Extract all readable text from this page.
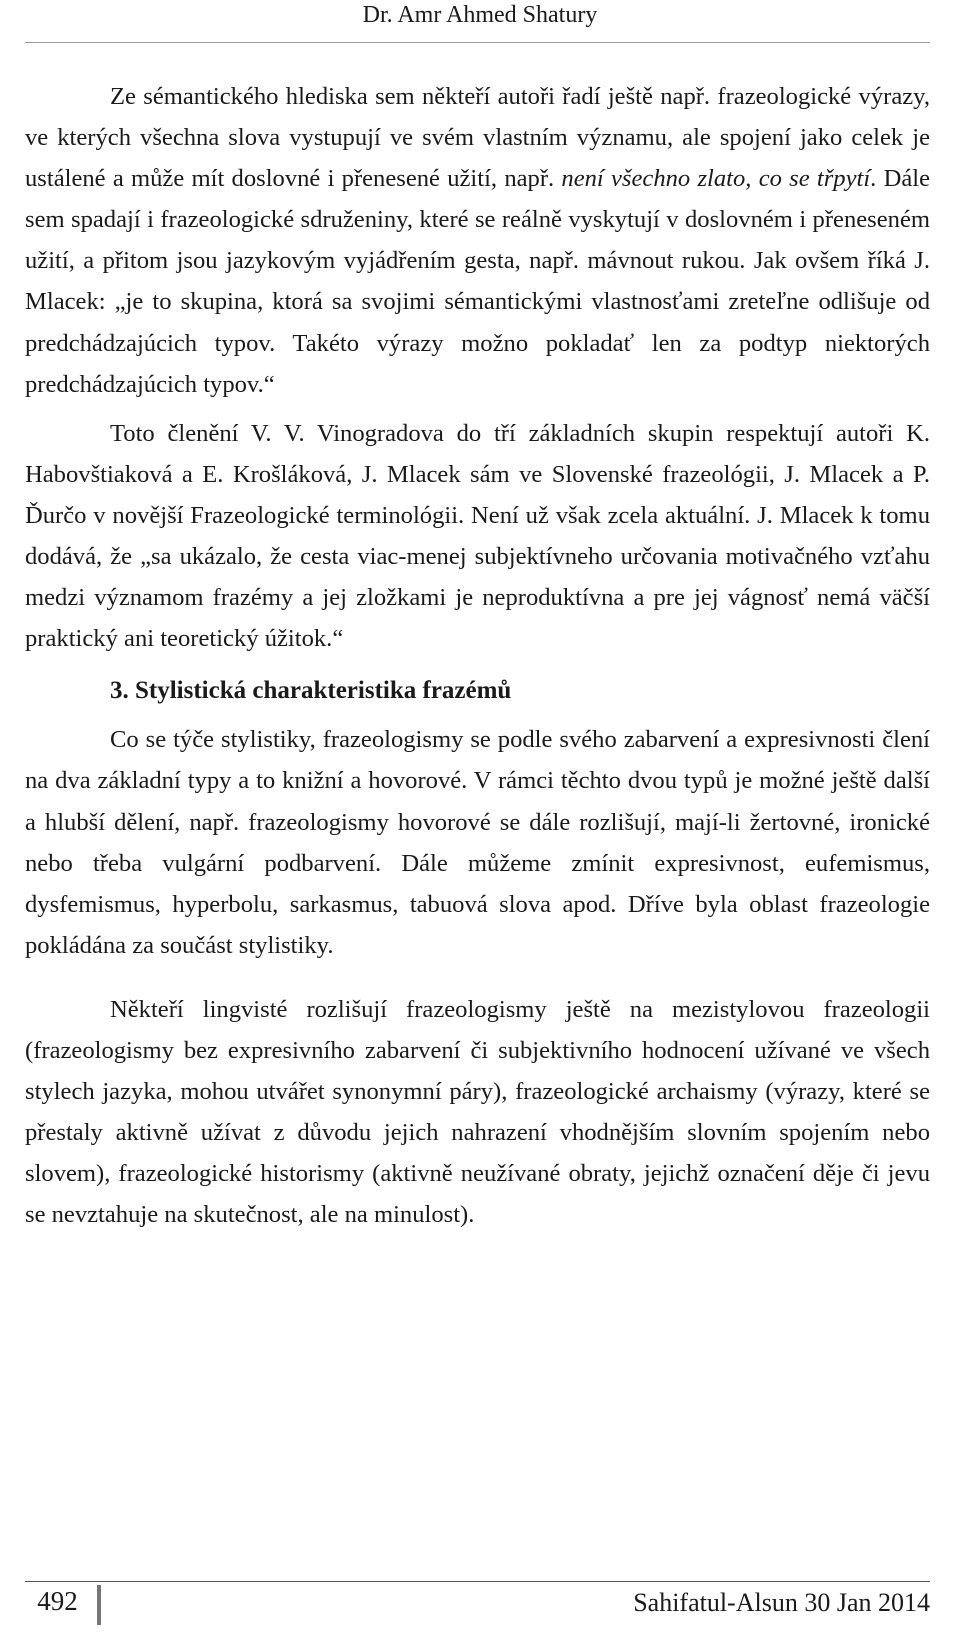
Dr. Amr Ahmed Shatury

Ze sémantického hlediska sem někteří autoři řadí ještě např. frazeologické výrazy, ve kterých všechna slova vystupují ve svém vlastním významu, ale spojení jako celek je ustálené a může mít doslovné i přenesené užití, např. není všechno zlato, co se třpytí. Dále sem spadají i frazeologické sdruženiny, které se reálně vyskytují v doslovném i přeneseném užití, a přitom jsou jazykovým vyjádřením gesta, např. mávnout rukou. Jak ovšem říká J. Mlacek: „je to skupina, ktorá sa svojimi sémantickými vlastnosťami zreteľne odlišuje od predchádzajúcich typov. Takéto výrazy možno pokladať len za podtyp niektorých predchádzajúcich typov.“

Toto členění V. V. Vinogradova do tří základních skupin respektují autoři K. Habovštiaková a E. Krošláková, J. Mlacek sám ve Slovenské frazeológii, J. Mlacek a P. Ďurčo v novější Frazeologické terminológii. Není už však zcela aktuální. J. Mlacek k tomu dodává, že „sa ukázalo, že cesta viac-menej subjektívneho určovania motivačného vzťahu medzi významom frazémy a jej zložkami je neproduktívna a pre jej vágnosť nemá väčší praktický ani teoretický úžitok.“

3. Stylistická charakteristika frazémů

Co se týče stylistiky, frazeologismy se podle svého zabarvení a expresivnosti člení na dva základní typy a to knižní a hovorové. V rámci těchto dvou typů je možné ještě další a hlubší dělení, např. frazeologismy hovorové se dále rozlišují, mají-li žertovné, ironické nebo třeba vulgární podbarvení. Dále můžeme zmínit expresivnost, eufemismus, dysfemismus, hyperbolu, sarkasmus, tabuová slova apod. Dříve byla oblast frazeologie pokládána za součást stylistiky.

Někteří lingvisté rozlišují frazeologismy ještě na mezistylovou frazeologii (frazeologismy bez expresivního zabarvení či subjektivního hodnocení užívané ve všech stylech jazyka, mohou utvářet synonymní páry), frazeologické archaismy (výrazy, které se přestaly aktivně užívat z důvodu jejich nahrazení vhodnějším slovním spojením nebo slovem), frazeologické historismy (aktivně neužívané obraty, jejichž označení děje či jevu se nevztahuje na skutečnost, ale na minulost).

492	Sahifatul-Alsun 30 Jan 2014
